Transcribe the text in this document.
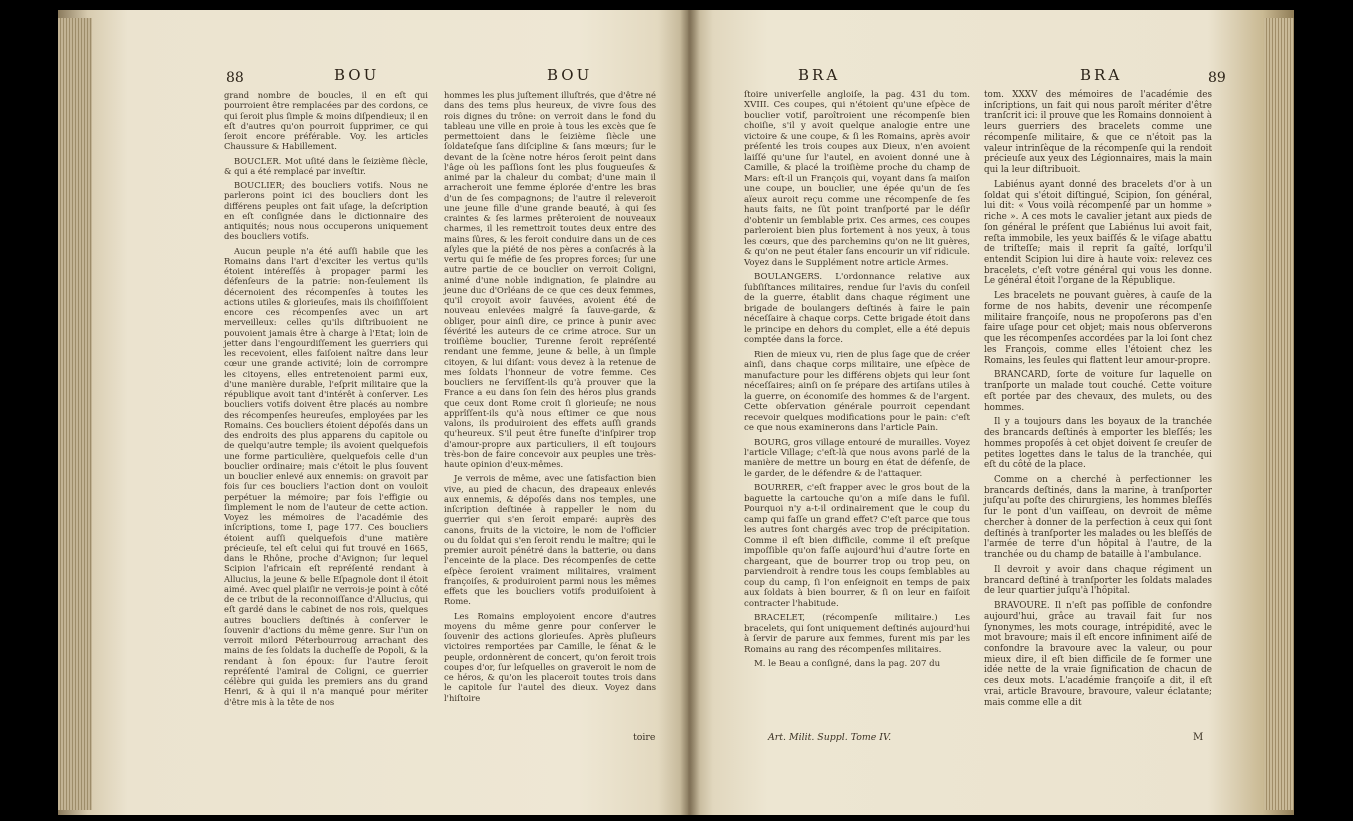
88	BOU	BOU

grand nombre de boucles, il en eſt qui pourroient être remplacées par des cordons, ce qui ſeroit plus ſimple & moins diſpendieux; il en eſt d'autres qu'on pourroit ſupprimer, ce qui ſeroit encore préférable. Voy. les articles Chaussure & Habillement.

BOUCLER. Mot uſité dans le ſeizième ſiècle, & qui a été remplacé par inveſtir.

BOUCLIER; des boucliers votifs. Nous ne parlerons point ici des boucliers dont les différens peuples ont fait uſage, la deſcription en eſt conſignée dans le dictionnaire des antiquités; nous nous occuperons uniquement des boucliers votifs.

Aucun peuple n'a été auſſi habile que les Romains dans l'art d'exciter les vertus qu'ils étoient intéreſſés à propager parmi les défenſeurs de la patrie: non-ſeulement ils décernoient des récompenſes à toutes les actions utiles & glorieuſes, mais ils choiſiſſoient encore ces récompenſes avec un art merveilleux: celles qu'ils diſtribuoient ne pouvoient jamais être à charge à l'Etat; loin de jetter dans l'engourdiſſement les guerriers qui les recevoient, elles faiſoient naître dans leur cœur une grande activité; loin de corrompre les citoyens, elles entretenoient parmi eux, d'une manière durable, l'eſprit militaire que la république avoit tant d'intérêt à conſerver. Les boucliers votifs doivent être placés au nombre des récompenſes heureuſes, employées par les Romains. Ces boucliers étoient dépoſés dans un des endroits des plus apparens du capitole ou de quelqu'autre temple; ils avoient quelquefois une forme particulière, quelquefois celle d'un bouclier ordinaire; mais c'étoit le plus ſouvent un bouclier enlevé aux ennemis: on gravoit par fois ſur ces boucliers l'action dont on vouloit perpétuer la mémoire; par fois l'effigie ou ſimplement le nom de l'auteur de cette action. Voyez les mémoires de l'académie des inſcriptions, tome I, page 177. Ces boucliers étoient auſſi quelquefois d'une matière précieuſe, tel eſt celui qui fut trouvé en 1665, dans le Rhône, proche d'Avignon; ſur lequel Scipion l'africain eſt repréſenté rendant à Allucius, la jeune & belle Eſpagnole dont il étoit aimé. Avec quel plaiſir ne verrois-je point à côté de ce tribut de la reconnoiſſance d'Allucius, qui eſt gardé dans le cabinet de nos rois, quelques autres boucliers deſtinés à conſerver le ſouvenir d'actions du même genre. Sur l'un on verroit milord Péterbourroug arrachant des mains de ſes ſoldats la ducheſſe de Popoli, & la rendant à ſon époux: ſur l'autre ſeroit repréſenté l'amiral de Coligni, ce guerrier célèbre qui guida les premiers ans du grand Henri, & à qui il n'a manqué pour mériter d'être mis à la tête de nos

hommes les plus juſtement illuſtrés, que d'être né dans des tems plus heureux, de vivre ſous des rois dignes du trône: on verroit dans le fond du tableau une ville en proie à tous les excès que ſe permettoient dans le ſeizième ſiècle une ſoldateſque ſans diſcipline & ſans mœurs; ſur le devant de la ſcène notre héros ſeroit peint dans l'âge où les paſſions ſont les plus fougueuſes & animé par la chaleur du combat; d'une main il arracheroit une femme éplorée d'entre les bras d'un de ſes compagnons; de l'autre il releveroit une jeune fille d'une grande beauté, à qui ſes craintes & ſes larmes prêteroient de nouveaux charmes, il les remettroit toutes deux entre des mains ſûres, & les feroit conduire dans un de ces aſyles que la piété de nos pères a conſacrés à la vertu qui ſe méfie de ſes propres forces; ſur une autre partie de ce bouclier on verroit Coligni, animé d'une noble indignation, ſe plaindre au jeune duc d'Orléans de ce que ces deux femmes, qu'il croyoit avoir ſauvées, avoient été de nouveau enlevées malgré ſa ſauve-garde, & obliger, pour ainſi dire, ce prince à punir avec ſévérité les auteurs de ce crime atroce. Sur un troiſième bouclier, Turenne ſeroit repréſenté rendant une femme, jeune & belle, à un ſimple citoyen, & lui diſant: vous devez à la retenue de mes ſoldats l'honneur de votre femme. Ces boucliers ne ſerviſſent-ils qu'à prouver que la France a eu dans ſon ſein des héros plus grands que ceux dont Rome croit ſi glorieuſe; ne nous apprîſſent-ils qu'à nous eſtimer ce que nous valons, ils produiroient des effets auſſi grands qu'heureux. S'il peut être funeſte d'inſpirer trop d'amour-propre aux particuliers, il eſt toujours très-bon de faire concevoir aux peuples une très-haute opinion d'eux-mêmes.

Je verrois de même, avec une ſatisfaction bien vive, au pied de chacun, des drapeaux enlevés aux ennemis, & dépoſés dans nos temples, une inſcription deſtinée à rappeller le nom du guerrier qui s'en ſeroit emparé: auprès des canons, fruits de la victoire, le nom de l'officier ou du ſoldat qui s'en ſeroit rendu le maître; qui le premier auroit pénétré dans la batterie, ou dans l'enceinte de la place. Des récompenſes de cette eſpèce ſeroient vraiment militaires, vraiment françoiſes, & produiroient parmi nous les mêmes effets que les boucliers votifs produiſoient à Rome.

Les Romains employoient encore d'autres moyens du même genre pour conſerver le ſouvenir des actions glorieuſes. Après pluſieurs victoires remportées par Camille, le ſénat & le peuple, ordonnèrent de concert, qu'on feroit trois coupes d'or, ſur leſquelles on graveroit le nom de ce héros, & qu'on les placeroit toutes trois dans le capitole ſur l'autel des dieux. Voyez dans l'hiſtoire

toire
BRA	BRA	89

ſtoire univerſelle angloiſe, la pag. 431 du tom. XVIII. Ces coupes, qui n'étoient qu'une eſpèce de bouclier votif, paroîtroient une récompenſe bien choiſie, s'il y avoit quelque analogie entre une victoire & une coupe, & ſi les Romains, après avoir préſenté les trois coupes aux Dieux, n'en avoient laiſſé qu'une ſur l'autel, en avoient donné une à Camille, & placé la troiſième proche du champ de Mars: eſt-il un François qui, voyant dans ſa maiſon une coupe, un bouclier, une épée qu'un de ſes aïeux auroit reçu comme une récompenſe de ſes hauts faits, ne ſût point tranſporté par le déſir d'obtenir un ſemblable prix. Ces armes, ces coupes parleroient bien plus fortement à nos yeux, à tous les cœurs, que des parchemins qu'on ne lit guères, & qu'on ne peut étaler ſans encourir un vif ridicule. Voyez dans le Supplément notre article Armes.

BOULANGERS. L'ordonnance relative aux ſubſiſtances militaires, rendue ſur l'avis du conſeil de la guerre, établit dans chaque régiment une brigade de boulangers deſtinés à faire le pain néceſſaire à chaque corps. Cette brigade étoit dans le principe en dehors du complet, elle a été depuis comptée dans la force.

Rien de mieux vu, rien de plus ſage que de créer ainſi, dans chaque corps militaire, une eſpèce de manufacture pour les différens objets qui leur ſont néceſſaires; ainſi on ſe prépare des artiſans utiles à la guerre, on économiſe des hommes & de l'argent. Cette obſervation générale pourroit cependant recevoir quelques modifications pour le pain: c'eſt ce que nous examinerons dans l'article Pain.

BOURG, gros village entouré de murailles. Voyez l'article Village; c'eſt-là que nous avons parlé de la manière de mettre un bourg en état de défenſe, de le garder, de le défendre & de l'attaquer.

BOURRER, c'eſt frapper avec le gros bout de la baguette la cartouche qu'on a miſe dans le fuſil. Pourquoi n'y a-t-il ordinairement que le coup du camp qui faſſe un grand effet? C'eſt parce que tous les autres ſont chargés avec trop de précipitation. Comme il eſt bien difficile, comme il eſt preſque impoſſible qu'on faſſe aujourd'hui d'autre ſorte en chargeant, que de bourrer trop ou trop peu, on parviendroit à rendre tous les coups ſemblables au coup du camp, ſi l'on enſeignoit en temps de paix aux ſoldats à bien bourrer, & ſi on leur en faiſoit contracter l'habitude.

BRACELET, (récompenſe militaire.) Les bracelets, qui ſont uniquement deſtinés aujourd'hui à ſervir de parure aux femmes, furent mis par les Romains au rang des récompenſes militaires.

M. le Beau a conſigné, dans la pag. 207 du

Art. Milit. Suppl. Tome IV.

tom. XXXV des mémoires de l'académie des inſcriptions, un fait qui nous paroît mériter d'être tranſcrit ici: il prouve que les Romains donnoient à leurs guerriers des bracelets comme une récompenſe militaire, & que ce n'étoit pas la valeur intrinſèque de la récompenſe qui la rendoit précieuſe aux yeux des Légionnaires, mais la main qui la leur diſtribuoit.

Labiénus ayant donné des bracelets d'or à un ſoldat qui s'étoit diſtingué, Scipion, ſon général, lui dit: « Vous voilà récompenſé par un homme » riche ». A ces mots le cavalier jetant aux pieds de ſon général le préſent que Labiénus lui avoit fait, reſta immobile, les yeux baiſſés & le viſage abattu de triſteſſe; mais il reprit ſa gaîté, lorſqu'il entendit Scipion lui dire à haute voix: relevez ces bracelets, c'eſt votre général qui vous les donne. Le général étoit l'organe de la République.

Les bracelets ne pouvant guères, à cauſe de la forme de nos habits, devenir une récompenſe militaire françoiſe, nous ne propoſerons pas d'en faire uſage pour cet objet; mais nous obſerverons que les récompenſes accordées par la loi ſont chez les François, comme elles l'étoient chez les Romains, les ſeules qui flattent leur amour-propre.

BRANCARD, ſorte de voiture ſur laquelle on tranſporte un malade tout couché. Cette voiture eſt portée par des chevaux, des mulets, ou des hommes.

Il y a toujours dans les boyaux de la tranchée des brancards deſtinés à emporter les bleſſés; les hommes propoſés à cet objet doivent ſe creuſer de petites logettes dans le talus de la tranchée, qui eſt du côté de la place.

Comme on a cherché à perfectionner les brancards deſtinés, dans la marine, à tranſporter juſqu'au poſte des chirurgiens, les hommes bleſſés ſur le pont d'un vaiſſeau, on devroit de même chercher à donner de la perfection à ceux qui ſont deſtinés à tranſporter les malades ou les bleſſés de l'armée de terre d'un hôpital à l'autre, de la tranchée ou du champ de bataille à l'ambulance.

Il devroit y avoir dans chaque régiment un brancard deſtiné à tranſporter les ſoldats malades de leur quartier juſqu'à l'hôpital.

BRAVOURE. Il n'eſt pas poſſible de confondre aujourd'hui, grâce au travail fait ſur nos ſynonymes, les mots courage, intrépidité, avec le mot bravoure; mais il eſt encore infiniment aiſé de confondre la bravoure avec la valeur, ou pour mieux dire, il eſt bien difficile de ſe former une idée nette de la vraie ſignification de chacun de ces deux mots. L'académie françoiſe a dit, il eſt vrai, article Bravoure, bravoure, valeur éclatante; mais comme elle a dit

M
